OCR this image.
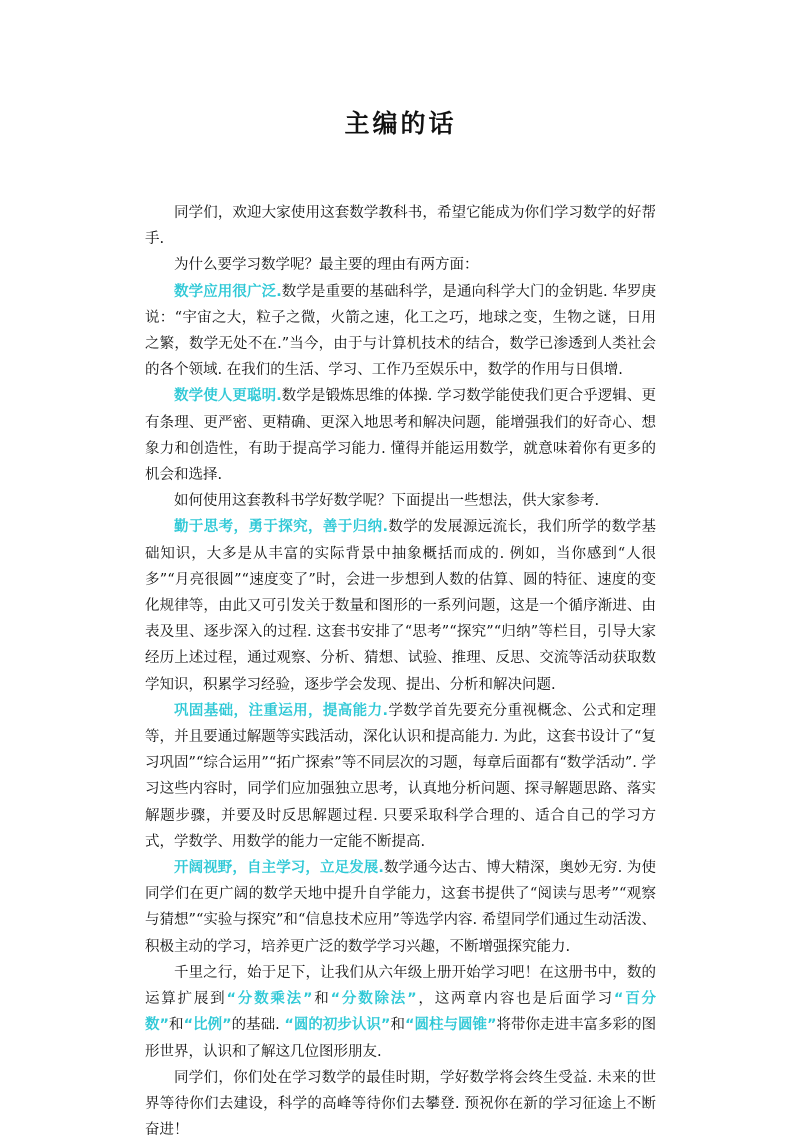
主编的话

同学们，欢迎大家使用这套数学教科书，希望它能成为你们学习数学的好帮手.

为什么要学习数学呢？最主要的理由有两方面：

数学应用很广泛.数学是重要的基础科学，是通向科学大门的金钥匙. 华罗庚说：“宇宙之大，粒子之微，火箭之速，化工之巧，地球之变，生物之谜，日用之繁，数学无处不在.”当今，由于与计算机技术的结合，数学已渗透到人类社会的各个领域. 在我们的生活、学习、工作乃至娱乐中，数学的作用与日俱增.

数学使人更聪明.数学是锻炼思维的体操. 学习数学能使我们更合乎逻辑、更有条理、更严密、更精确、更深入地思考和解决问题，能增强我们的好奇心、想象力和创造性，有助于提高学习能力. 懂得并能运用数学，就意味着你有更多的机会和选择.

如何使用这套教科书学好数学呢？下面提出一些想法，供大家参考.

勤于思考，勇于探究，善于归纳.数学的发展源远流长，我们所学的数学基础知识，大多是从丰富的实际背景中抽象概括而成的. 例如，当你感到“人很多”“月亮很圆”“速度变了”时，会进一步想到人数的估算、圆的特征、速度的变化规律等，由此又可引发关于数量和图形的一系列问题，这是一个循序渐进、由表及里、逐步深入的过程. 这套书安排了“思考”“探究”“归纳”等栏目，引导大家经历上述过程，通过观察、分析、猜想、试验、推理、反思、交流等活动获取数学知识，积累学习经验，逐步学会发现、提出、分析和解决问题.

巩固基础，注重运用，提高能力.学数学首先要充分重视概念、公式和定理等，并且要通过解题等实践活动，深化认识和提高能力. 为此，这套书设计了“复习巩固”“综合运用”“拓广探索”等不同层次的习题，每章后面都有“数学活动”. 学习这些内容时，同学们应加强独立思考，认真地分析问题、探寻解题思路、落实解题步骤，并要及时反思解题过程. 只要采取科学合理的、适合自己的学习方式，学数学、用数学的能力一定能不断提高.

开阔视野，自主学习，立足发展.数学通今达古、博大精深，奥妙无穷. 为使同学们在更广阔的数学天地中提升自学能力，这套书提供了“阅读与思考”“观察与猜想”“实验与探究”和“信息技术应用”等选学内容. 希望同学们通过生动活泼、积极主动的学习，培养更广泛的数学学习兴趣，不断增强探究能力.

千里之行，始于足下，让我们从六年级上册开始学习吧！在这册书中，数的运算扩展到“分数乘法”和“分数除法”，这两章内容也是后面学习“百分数”和“比例”的基础. “圆的初步认识”和“圆柱与圆锥”将带你走进丰富多彩的图形世界，认识和了解这几位图形朋友.

同学们，你们处在学习数学的最佳时期，学好数学将会终生受益. 未来的世界等待你们去建设，科学的高峰等待你们去攀登. 预祝你在新的学习征途上不断奋进！
